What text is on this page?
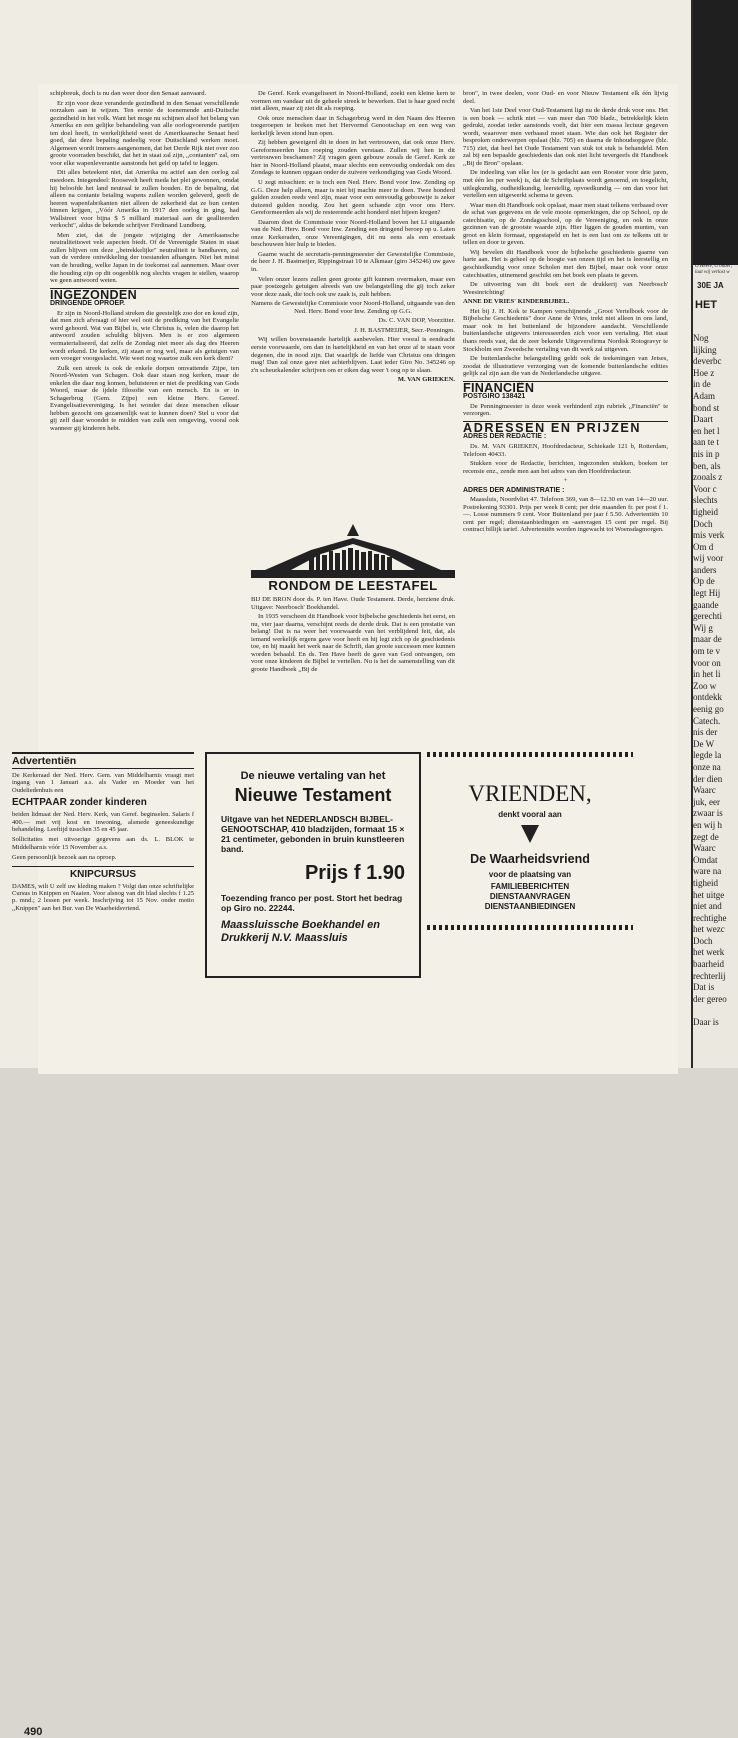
schipbreuk, doch is nu dan weer door den Senaat aanvaard.

Er zijn voor deze veranderde gezindheid in den Senaat verschillende oorzaken aan te wijzen. Ten eerste de toenemende anti-Duitsche gezindheid in het volk. Want het moge nu schijnen alsof het belang van Amerika en een gelijke behandeling van alle oorlogvoerende partijen ten doel heeft, in werkelijkheid weet de Amerikaansche Senaat heel goed, dat deze bepaling nadeelig voor Duitschland werken moet. Algemeen wordt immers aangenomen, dat het Derde Rijk niet over zoo groote voorraden beschikt, dat het in staat zal zijn, ,,contanten" zal, om voor elke wapenleverantie aanstonds het geld op tafel te leggen.

Dit alles beteekent niet, dat Amerika nu actief aan den oorlog zal meedoen. Integendeel: Roosevelt heeft meda het plei gewonnen, omdat hij beloofde het land neutraal te zullen houden. En de bepaling, dat alleen na contante betaling wapens zullen worden geleverd, geeft de heeren wapenfabrikanten niet alleen de zekerheid dat ze hun centen binnen krijgen, ,,Vóór Amerika in 1917 den oorlog in ging, had Wallstreet voor bijna $ 5 milliard materiaal aan de geallieerden verkocht", aldus de bekende schrijver Ferdinand Lundberg.

Men ziet, dat de jongste wijziging der Amerikaansche neutraliteitswet vele aspecten biedt. Of de Vereenigde Staten in staat zullen blijven om deze ,,betrekkelijke" neutraliteit te handhaven, zal van de verdere ontwikkeling der toestanden afhangen. Niet het minst van de houding, welke Japan in de toekomst zal aannemen. Maar over die houding zijn op dit oogenblik nog slechts vragen te stellen, waarop we geen antwoord weten.

INGEZONDEN
DRINGENDE OPROEP.

Er zijn in Noord-Holland streken die geestelijk zoo dor en koud zijn, dat men zich afvraagt of hier wel ooit de prediking van het Evangelie werd gehoord. Wat van Bijbel is, wie Christus is, velen die daarop het antwoord zouden schuldig blijven. Men is er zoo algemeen vermaterialiseerd, dat zelfs de Zondag niet meer als dag des Heeren wordt erkend. De kerken, zij staan er nog wel, maar als getuigen van een vroeger voorgeslacht. Wie weet nog waartoe zulk een kerk dient?

Zulk een streek is ook de enkele dorpen omvattende Zijpe, ten Noord-Westen van Schagen. Ook daar staan nog kerken, maar de enkelen die daar nog komen, beluisteren er niet de prediking van Gods Woord, maar de ijdele filosofie van een mensch. En is er in Schagerbrug (Gem. Zijpe) een kleine Herv. Gereef. Evangelisatievereniging. Is het wonder dat deze menschen elkaar hebben gezocht om gezamenlijk wat te kunnen doen? Stel u voor dat gij zelf daar woondet te midden van zulk een omgeving, vooral ook wanneer gij kinderen hebt.

De Geref. Kerk evangeliseert in Noord-Holland, zoekt een kleine kern te vormen om vandaar uit de geheele streek te bewerken. Dat is haar goed recht niet alleen, maar zij ziet dit als roeping.

Ook onze menschen daar in Schagerbrug werd in den Naam des Heeren toegeroepen te breken met het Hervormd Genootschap en een weg van kerkelijk leven stond hun open.

Zij hebben geweigerd dit te doen in het vertrouwen, dat ook onze Herv. Gereformeerden hun roeping zouden verstaan. Zullen wij hen in dit vertrouwen beschamen? Zij vragen geen gebouw zooals de Geref. Kerk ze hier in Noord-Holland plaatst, maar slechts een eenvoudig onderdak om des Zondags te kunnen opgaan onder de zuivere verkondiging van Gods Woord.

U zegt misschien: er is toch een Ned. Herv. Bond voor Inw. Zending op G.G. Deze help alleen, maar is niet bij machte meer te doen. Twee honderd gulden zouden reeds veel zijn, maar voor een eenvoudig gebouwtje is zeker duizend gulden noodig. Zou het geen schande zijn voor ons Herv. Gereformeerden als wij de resteerende acht honderd niet bijeen kregen?

Daarom doet de Commissie voor Noord-Holland boven het LI uitgaande van de Ned. Herv. Bond voor Inw. Zending een dringend beroep op u. Laten onze Kerkeraden, onze Vereenigingen, dit nu eens als een ereetaak beschouwen hier hulp te bieden.

Gaarne wacht de secretaris-penningmeester der Gewestelijke Commissie, de heer J. H. Bastmeijer, Rippingstraat 10 te Alkmaar (giro 345246) uw gave in.

Velen onzer lezers zullen geen groote gift kunnen overmaken, maar een paar postzegels getuigen alreeds van uw belangstelling die gij toch zeker voor deze zaak, die toch ook uw zaak is, zult hebben.

Namens de Gewestelijke Commissie voor Noord-Holland, uitgaande van den Ned. Herv. Bond voor Inw. Zending op G.G.

Ds. C. VAN DOP, Voorzitter.

J. H. BASTMEIJER, Secr.-Penningm.

Wij willen bovenstaande hartelijk aanbevelen. Hier vooral is eendracht eerste voorwaarde, om dan in hartelijkheid en van het onze af te staan voor degenen, die in nood zijn. Dat waarlijk de liefde van Christus ons dringen mag! Dan zal onze gave niet achterblijven. Laat ieder Giro No. 345246 op z'n scheurkalender schrijven om er eiken dag weer 't oog op te slaan.

M. VAN GRIEKEN.

RONDOM DE LEESTAFEL

BIJ DE BRON door ds. P. ten Have. Oude Testament. Derde, herziene druk. Uitgave: Neerbosch' Boekhandel.

In 1935 verscheen dit Handboek voor bijbelsche geschiedenis het eerst, en nu, vier jaar daarna, verschijnt reeds de derde druk. Dat is een prestatie van belang! Dat is na weer het voorwaarde van het verblijdend feit, dat, als iemand werkelijk ergens gave voor heeft en hij legt zich op de geschiedenis toe, en hij maakt het werk naar de Schrift, dan groote successen mee kunnen worden behaald. En ds. Ten Have heeft de gave van God ontvangen, om voor onze kinderen de Bijbel te vertellen. Nu is het de samenstelling van dit groote Handboek ,,Bij de

bron", in twee deelen, voor Oud- en voor Nieuw Testament elk één lijvig deel.

Van het 1ste Deel voor Oud-Testament ligt nu de derde druk voor ons. Het is een boek — schrik niet — van meer dan 700 bladz., betrekkelijk klein gedrukt, zoodat ieder aanstonds voelt, dat hier een massa lectuur gegeven wordt, waarover men verbaasd moet staan. Wie dan ook het Register der besproken onderwerpen opslaat (blz. 705) en daarna de Inhoudsopgave (blz. 715) ziet, dat heel het Oude Testament van stuk tot stuk is behandeld. Men zal bij een bepaalde geschiedenis dan ook niet licht tevergeefs dit Handboek ,,Bij de Bron" opslaan.

De indeeling van elke les (er is gedacht aan een Rooster voor drie jaren, met één les per week) is, dat de Schriftplaats wordt genoemd, en toegelicht, uitlegkundig, oudheidkundig, leerstellig, opvoedkundig — om dan voor het vertellen een uitgewerkt schema te geven.

Waar men dit Handboek ook opslaat, maar men staat telkens verbaasd over de schat van gegevens en de vele mooie opmerkingen, die op School, op de catechisatie, op de Zondagsschool, op de Vereeniging, en ook in onze gezinnen van de grootste waarde zijn. Hier liggen de gouden munten, van groot en klein formaat, opgestapeld en het is een lust om ze telkens uit te tellen en door te geven.

Wij bevelen dit Handboek voor de bijbelsche geschiedenis gaarne van harte aan. Het is geheel op de hoogte van onzen tijd en het is leerstellig en geschiedkundig voor onze Scholen met den Bijbel, maar ook voor onze catechisaties, uitnemend geschikt om het boek een plaats te geven.

De uitvoering van dit boek eert de drukkerij van Neerbosch' Weesinrichting!

ANNE DE VRIES' KINDERBIJBEL.

Het bij J. H. Kok te Kampen verschijnende ,,Groot Vertelboek voor de Bijbelsche Geschiedenis" door Anne de Vries, trekt niet alleen in ons land, maar ook in het buitenland de bijzondere aandacht. Verschillende buitenlandsche uitgevers interesseerden zich voor een vertaling. Het staat thans reeds vast, dat de zeer bekende Uitgeversfirma Nordisk Rotogravyr te Stockholm een Zweedsche vertaling van dit werk zal uitgeven.

De buitenlandsche belangstelling geldt ook de teekeningen van Jetses, zoodat de illustratieve verzorging van de komende buitenlandsche edities gelijk zal zijn aan die van de Nederlandsche uitgave.

FINANCIËN
POSTGIRO 138421

De Penningmeester is deze week verhinderd zijn rubriek ,,Financiën" te verzorgen.

ADRESSEN EN PRIJZEN
ADRES DER REDACTIE :

Ds. M. VAN GRIEKEN, Hoofdredacteur, Schiekade 121 b, Rotterdam, Telefoon 40433.

Stukken voor de Redactie, berichten, ingezonden stukken, boeken ter recensie enz., zende men aan het adres van den Hoofdredacteur.

+

ADRES DER ADMINISTRATIE :

Maassluis, Noordvliet 47. Telefoon 369, van 8—12.30 en van 14—20 uur. Postrekening 93301. Prijs per week 8 cent; per drie maanden fr. per post f 1.—. Losse nummers 9 cent. Voor Buitenland per jaar f 5.50. Advertentiën 10 cent per regel; dienstaanbiedingen en -aanvragen 15 cent per regel. Bij contract billijk tarief. Advertentiën worden ingewacht tot Woensdagmorgen.

Advertentiën
De Kerkeraad der Ned. Herv. Gem. van Middelharnis vraagt met ingang van 1 Januari a.s. als Vader en Moeder van het Oudeliedenhuis een
ECHTPAAR zonder kinderen
beiden lidmaat der Ned. Herv. Kerk, van Geref. beginselen. Salaris f 400.— met vrij kost en inwoning, alsmede geneeskundige behandeling. Leeftijd tusschen 35 en 45 jaar.
Sollicitaties met uitvoerige gegevens aan ds. L. BLOK te Middelharnis vóór 15 November a.s.
Geen persoonlijk bezoek aan na oproep.
KNIPCURSUS
DAMES, wilt U zelf uw kleding maken ? Volgt dan onze schriftelijke Cursus in Knippen en Naaien. Voor alsnog van dit blad slechts f 1.25 p. mnd.; 2 lessen per week. Inschrijving tot 15 Nov. onder motto ,,Knippen" aan het Bur. van De Waarheidsvriend.
De nieuwe vertaling van het
Nieuwe Testament
Uitgave van het NEDERLANDSCH BIJBEL-GENOOTSCHAP, 410 bladzijden, formaat 15 × 21 centimeter, gebonden in bruin kunstleeren band.
Prijs f 1.90
Toezending franco per post. Stort het bedrag op Giro no. 22244.
Maassluissche Boekhandel en Drukkerij N.V. Maassluis
VRIENDEN,
denkt vooral aan
De Waarheidsvriend
voor de plaatsing van
FAMILIEBERICHTEN
DIENSTAANVRAGEN
DIENSTAANBIEDINGEN
490
O Heere, G onder; laat wij verlost w
30E JA
HET
Nog
lijking
deverbc
Hoe z
in de
Adam
bond st
Daart
en het l
aan te t
nis in p
ben, als
zooals z
Voor c
slechts
tigheid
Doch
mis verk
Om d
wij voor
anders
Op de
legt Hij
gaande
gerechti
Wij g
maar de
om te v
voor on
in het li
Zoo w
ontdekk
eenig go
Catech.
nis der
De W
legde la
onze na
der dien
Waarc
juk, eer
zwaar is
en wij h
zegt de
Waarc
Omdat
ware na
tigheid
het uitge
niet and
rechtighe
het wezc
Doch
het werk
baarheid
rechterlij
Dat is
der gereo

Daar is
